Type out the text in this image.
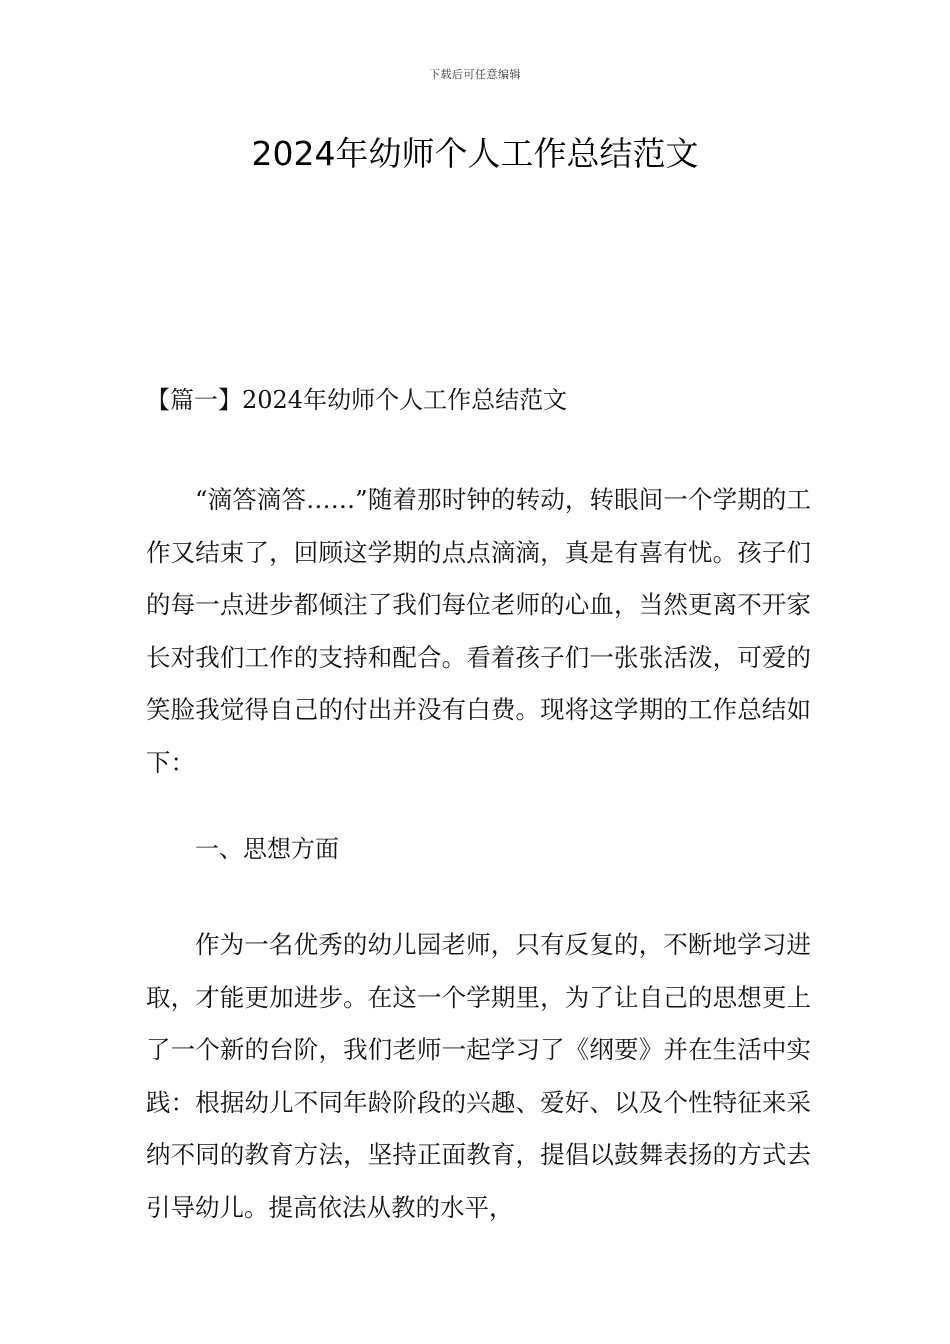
下载后可任意编辑
2024年幼师个人工作总结范文
【篇一】2024年幼师个人工作总结范文

“滴答滴答……”随着那时钟的转动，转眼间一个学期的工作又结束了，回顾这学期的点点滴滴，真是有喜有忧。孩子们的每一点进步都倾注了我们每位老师的心血，当然更离不开家长对我们工作的支持和配合。看着孩子们一张张活泼，可爱的笑脸我觉得自己的付出并没有白费。现将这学期的工作总结如下：

一、思想方面

作为一名优秀的幼儿园老师，只有反复的，不断地学习进取，才能更加进步。在这一个学期里，为了让自己的思想更上了一个新的台阶，我们老师一起学习了《纲要》并在生活中实践：根据幼儿不同年龄阶段的兴趣、爱好、以及个性特征来采纳不同的教育方法，坚持正面教育，提倡以鼓舞表扬的方式去引导幼儿。提高依法从教的水平，
